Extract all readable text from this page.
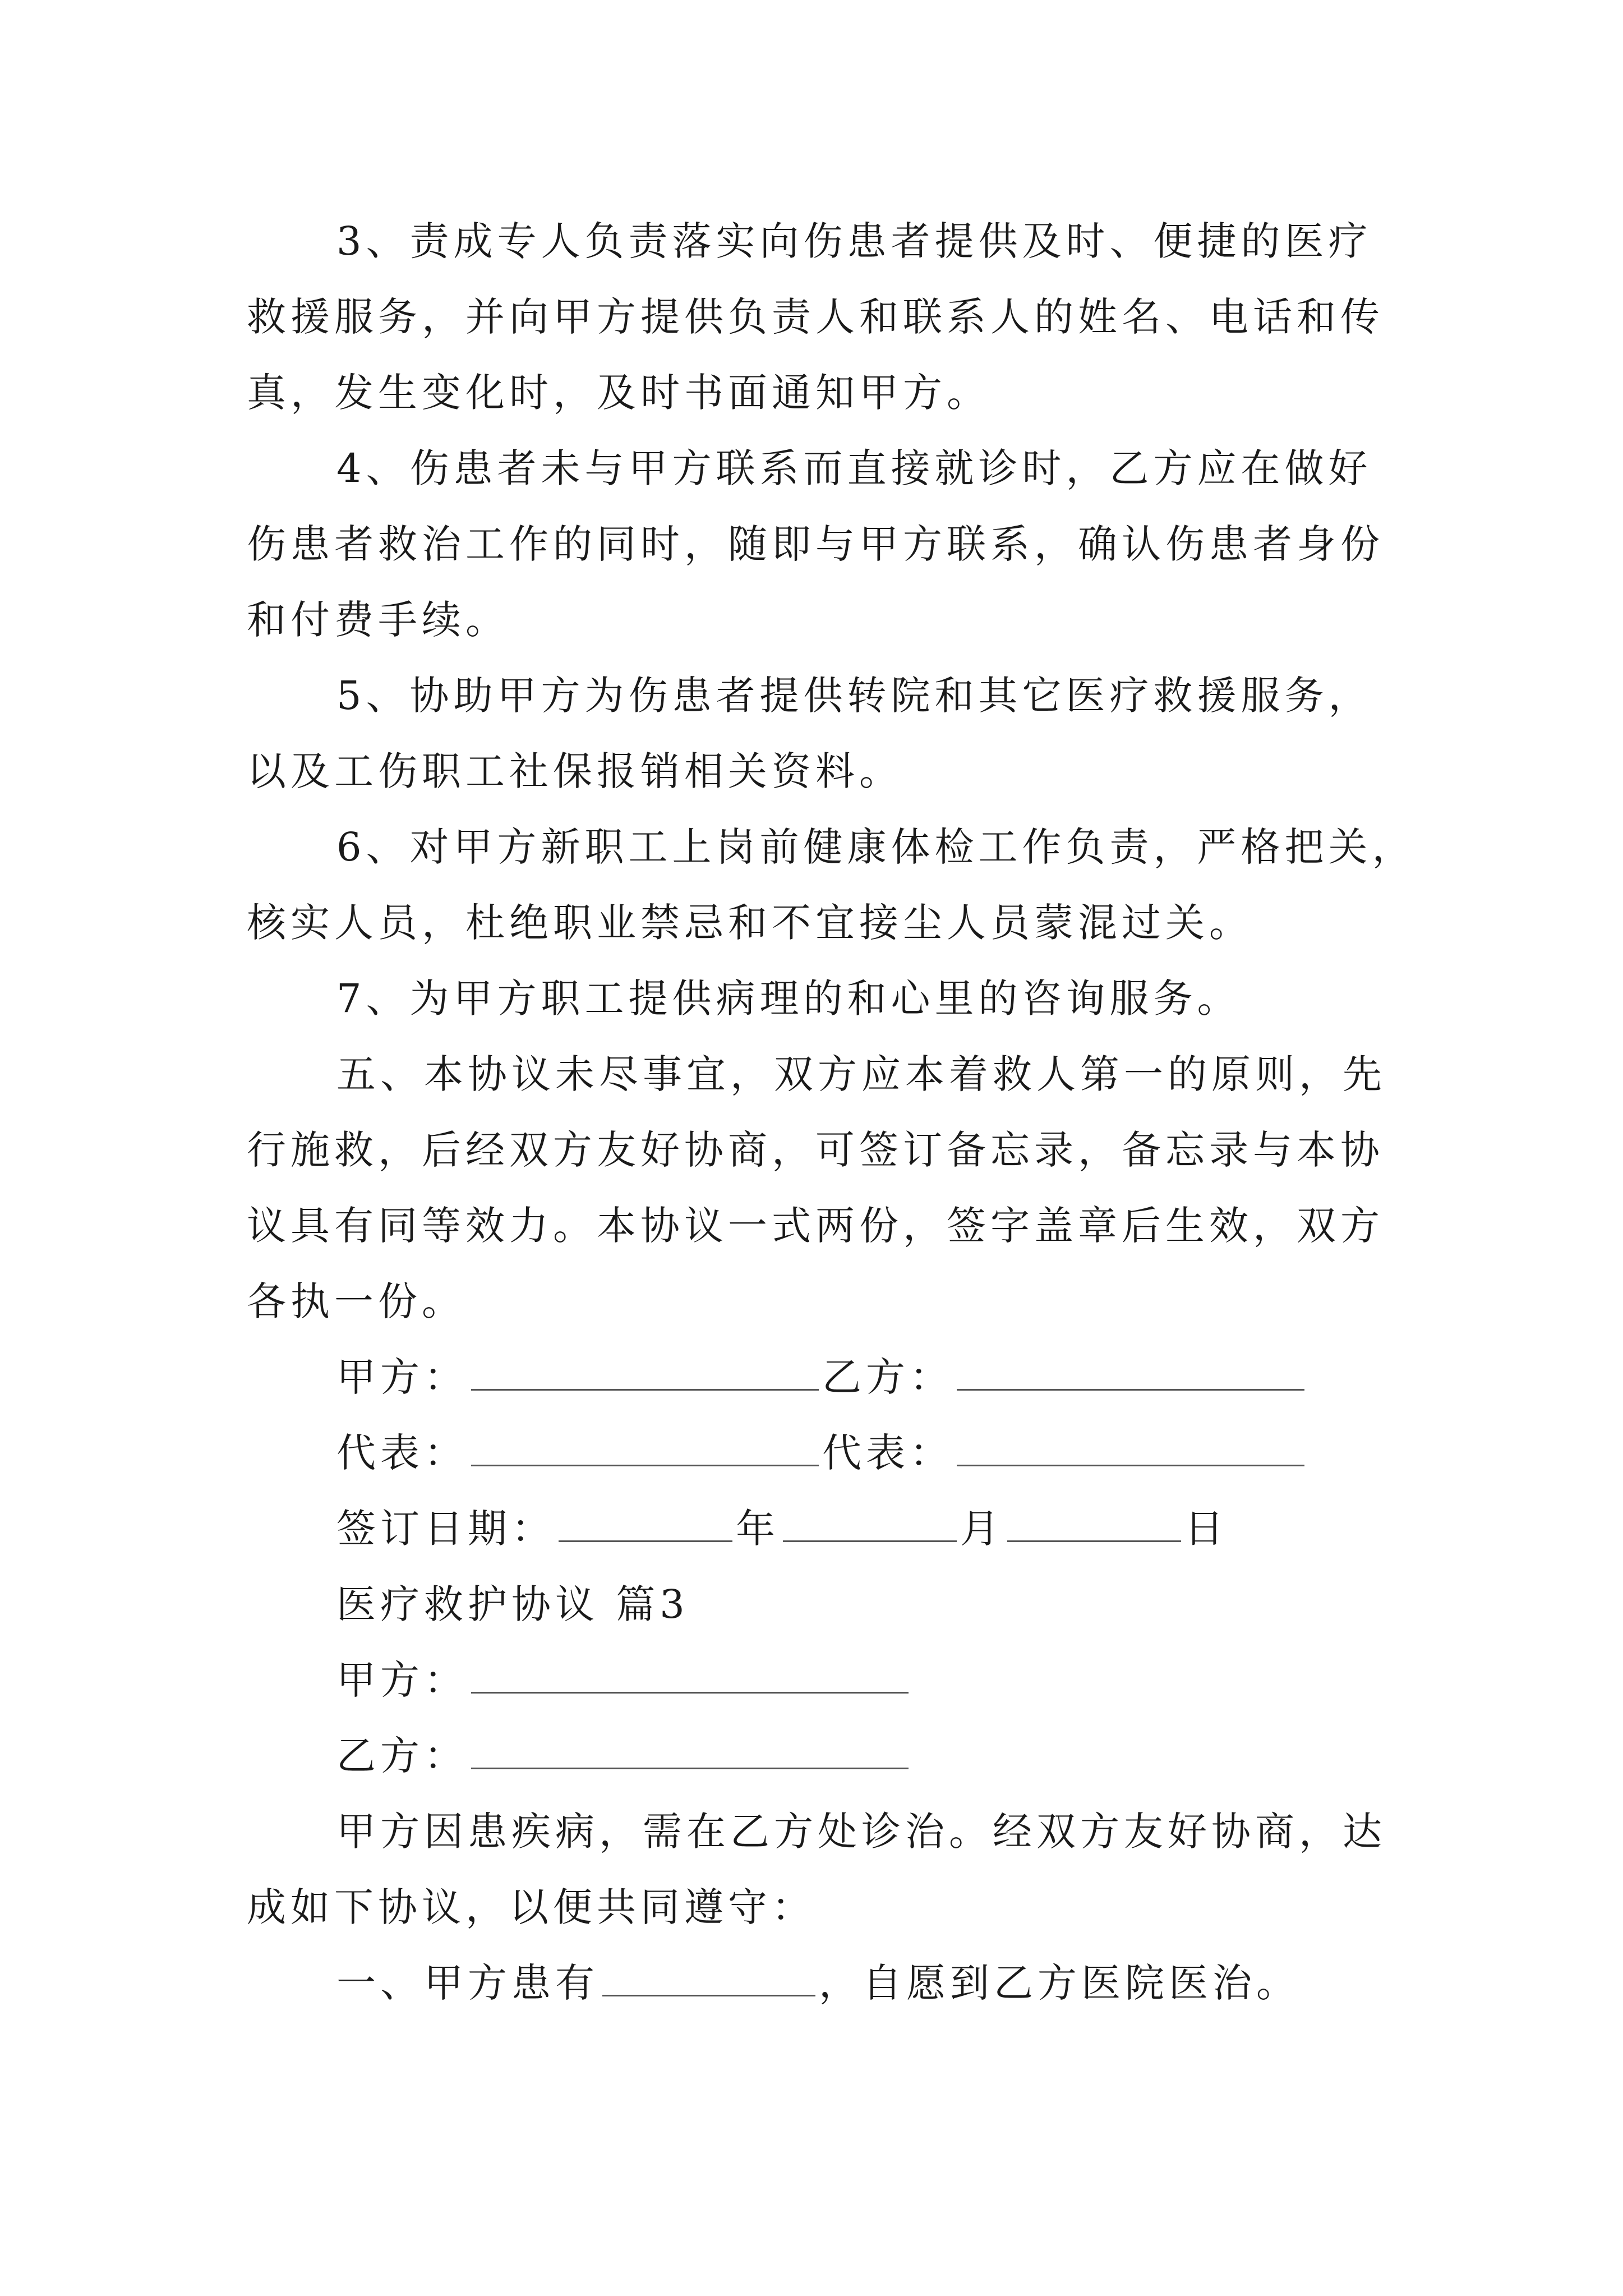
3、责成专人负责落实向伤患者提供及时、便捷的医疗
救援服务，并向甲方提供负责人和联系人的姓名、电话和传
真，发生变化时，及时书面通知甲方。
4、伤患者未与甲方联系而直接就诊时，乙方应在做好
伤患者救治工作的同时，随即与甲方联系，确认伤患者身份
和付费手续。
5、协助甲方为伤患者提供转院和其它医疗救援服务，
以及工伤职工社保报销相关资料。
6、对甲方新职工上岗前健康体检工作负责，严格把关，
核实人员，杜绝职业禁忌和不宜接尘人员蒙混过关。
7、为甲方职工提供病理的和心里的咨询服务。
五、本协议未尽事宜，双方应本着救人第一的原则，先
行施救，后经双方友好协商，可签订备忘录，备忘录与本协
议具有同等效力。本协议一式两份，签字盖章后生效，双方
各执一份。
甲方：	乙方：
代表：	代表：
签订日期：	年	月	日
医疗救护协议 篇3
甲方：
乙方：
甲方因患疾病，需在乙方处诊治。经双方友好协商，达
成如下协议，以便共同遵守：
一、甲方患有	，自愿到乙方医院医治。
